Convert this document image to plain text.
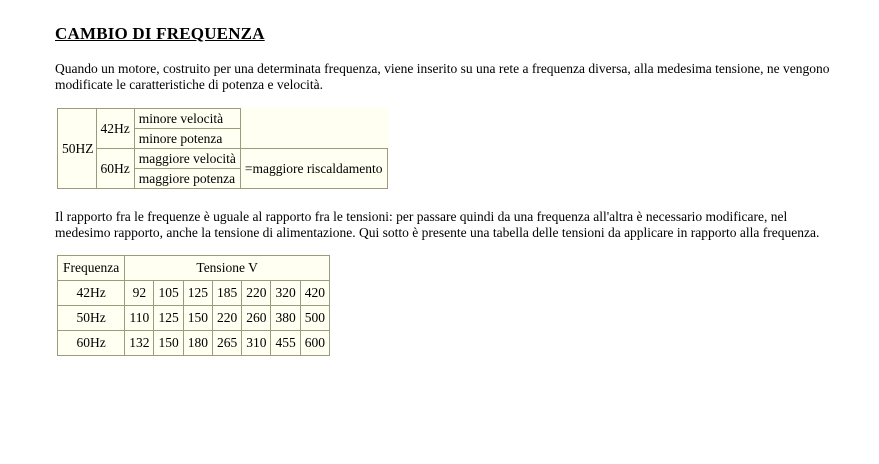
CAMBIO DI FREQUENZA
Quando un motore, costruito per una determinata frequenza, viene inserito su una rete a frequenza diversa, alla medesima tensione, ne vengono modificate le caratteristiche di potenza e velocità.
50HZ	42Hz	minore velocità	
		minore potenza	
	60Hz	maggiore velocità	=maggiore riscaldamento
		maggiore potenza	
Il rapporto fra le frequenze è uguale al rapporto fra le tensioni: per passare quindi da una frequenza all'altra è necessario modificare, nel medesimo rapporto, anche la tensione di alimentazione. Qui sotto è presente una tabella delle tensioni da applicare in rapporto alla frequenza.
Frequenza	Tensione V						
42Hz	92	105	125	185	220	320	420
50Hz	110	125	150	220	260	380	500
60Hz	132	150	180	265	310	455	600
